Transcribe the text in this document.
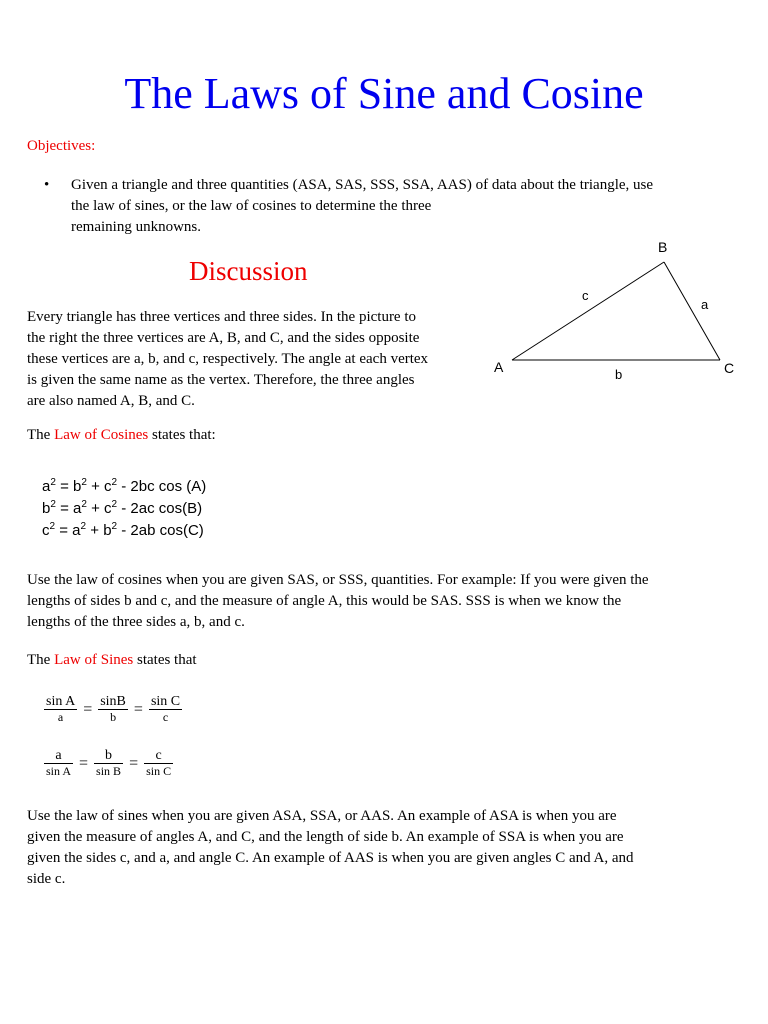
The Laws of Sine and Cosine
Objectives:
• Given a triangle and three quantities (ASA, SAS, SSS, SSA, AAS) of data about the triangle, use
the law of sines, or the law of cosines to determine the three
remaining unknowns.
Discussion
Every triangle has three vertices and three sides. In the picture to
the right the three vertices are A, B, and C, and the sides opposite
these vertices are a, b, and c, respectively. The angle at each vertex
is given the same name as the vertex. Therefore, the three angles
are also named A, B, and C.
B
A	C
c
a
b
The Law of Cosines states that:
$a^2 = b^2 + c^2 - 2bc$ cos (A)
$b^2 = a^2 + c^2 - 2ac$ cos(B)
$c^2 = a^2 + b^2 - 2ab$ cos(C)
Use the law of cosines when you are given SAS, or SSS, quantities. For example: If you were given the
lengths of sides b and c, and the measure of angle A, this would be SAS. SSS is when we know the
lengths of the three sides a, b, and c.
The Law of Sines states that
$\frac{\text{sin A}}{a} = \frac{\sin B}{b} = \frac{\text{sin C}}{c}$
$\frac{a}{\text{sin A}} = \frac{b}{\text{sin B}} = \frac{c}{\text{sin C}}$
Use the law of sines when you are given ASA, SSA, or AAS. An example of ASA is when you are
given the measure of angles A, and C, and the length of side b. An example of SSA is when you are
given the sides c, and a, and angle C. An example of AAS is when you are given angles C and A, and
side c.
